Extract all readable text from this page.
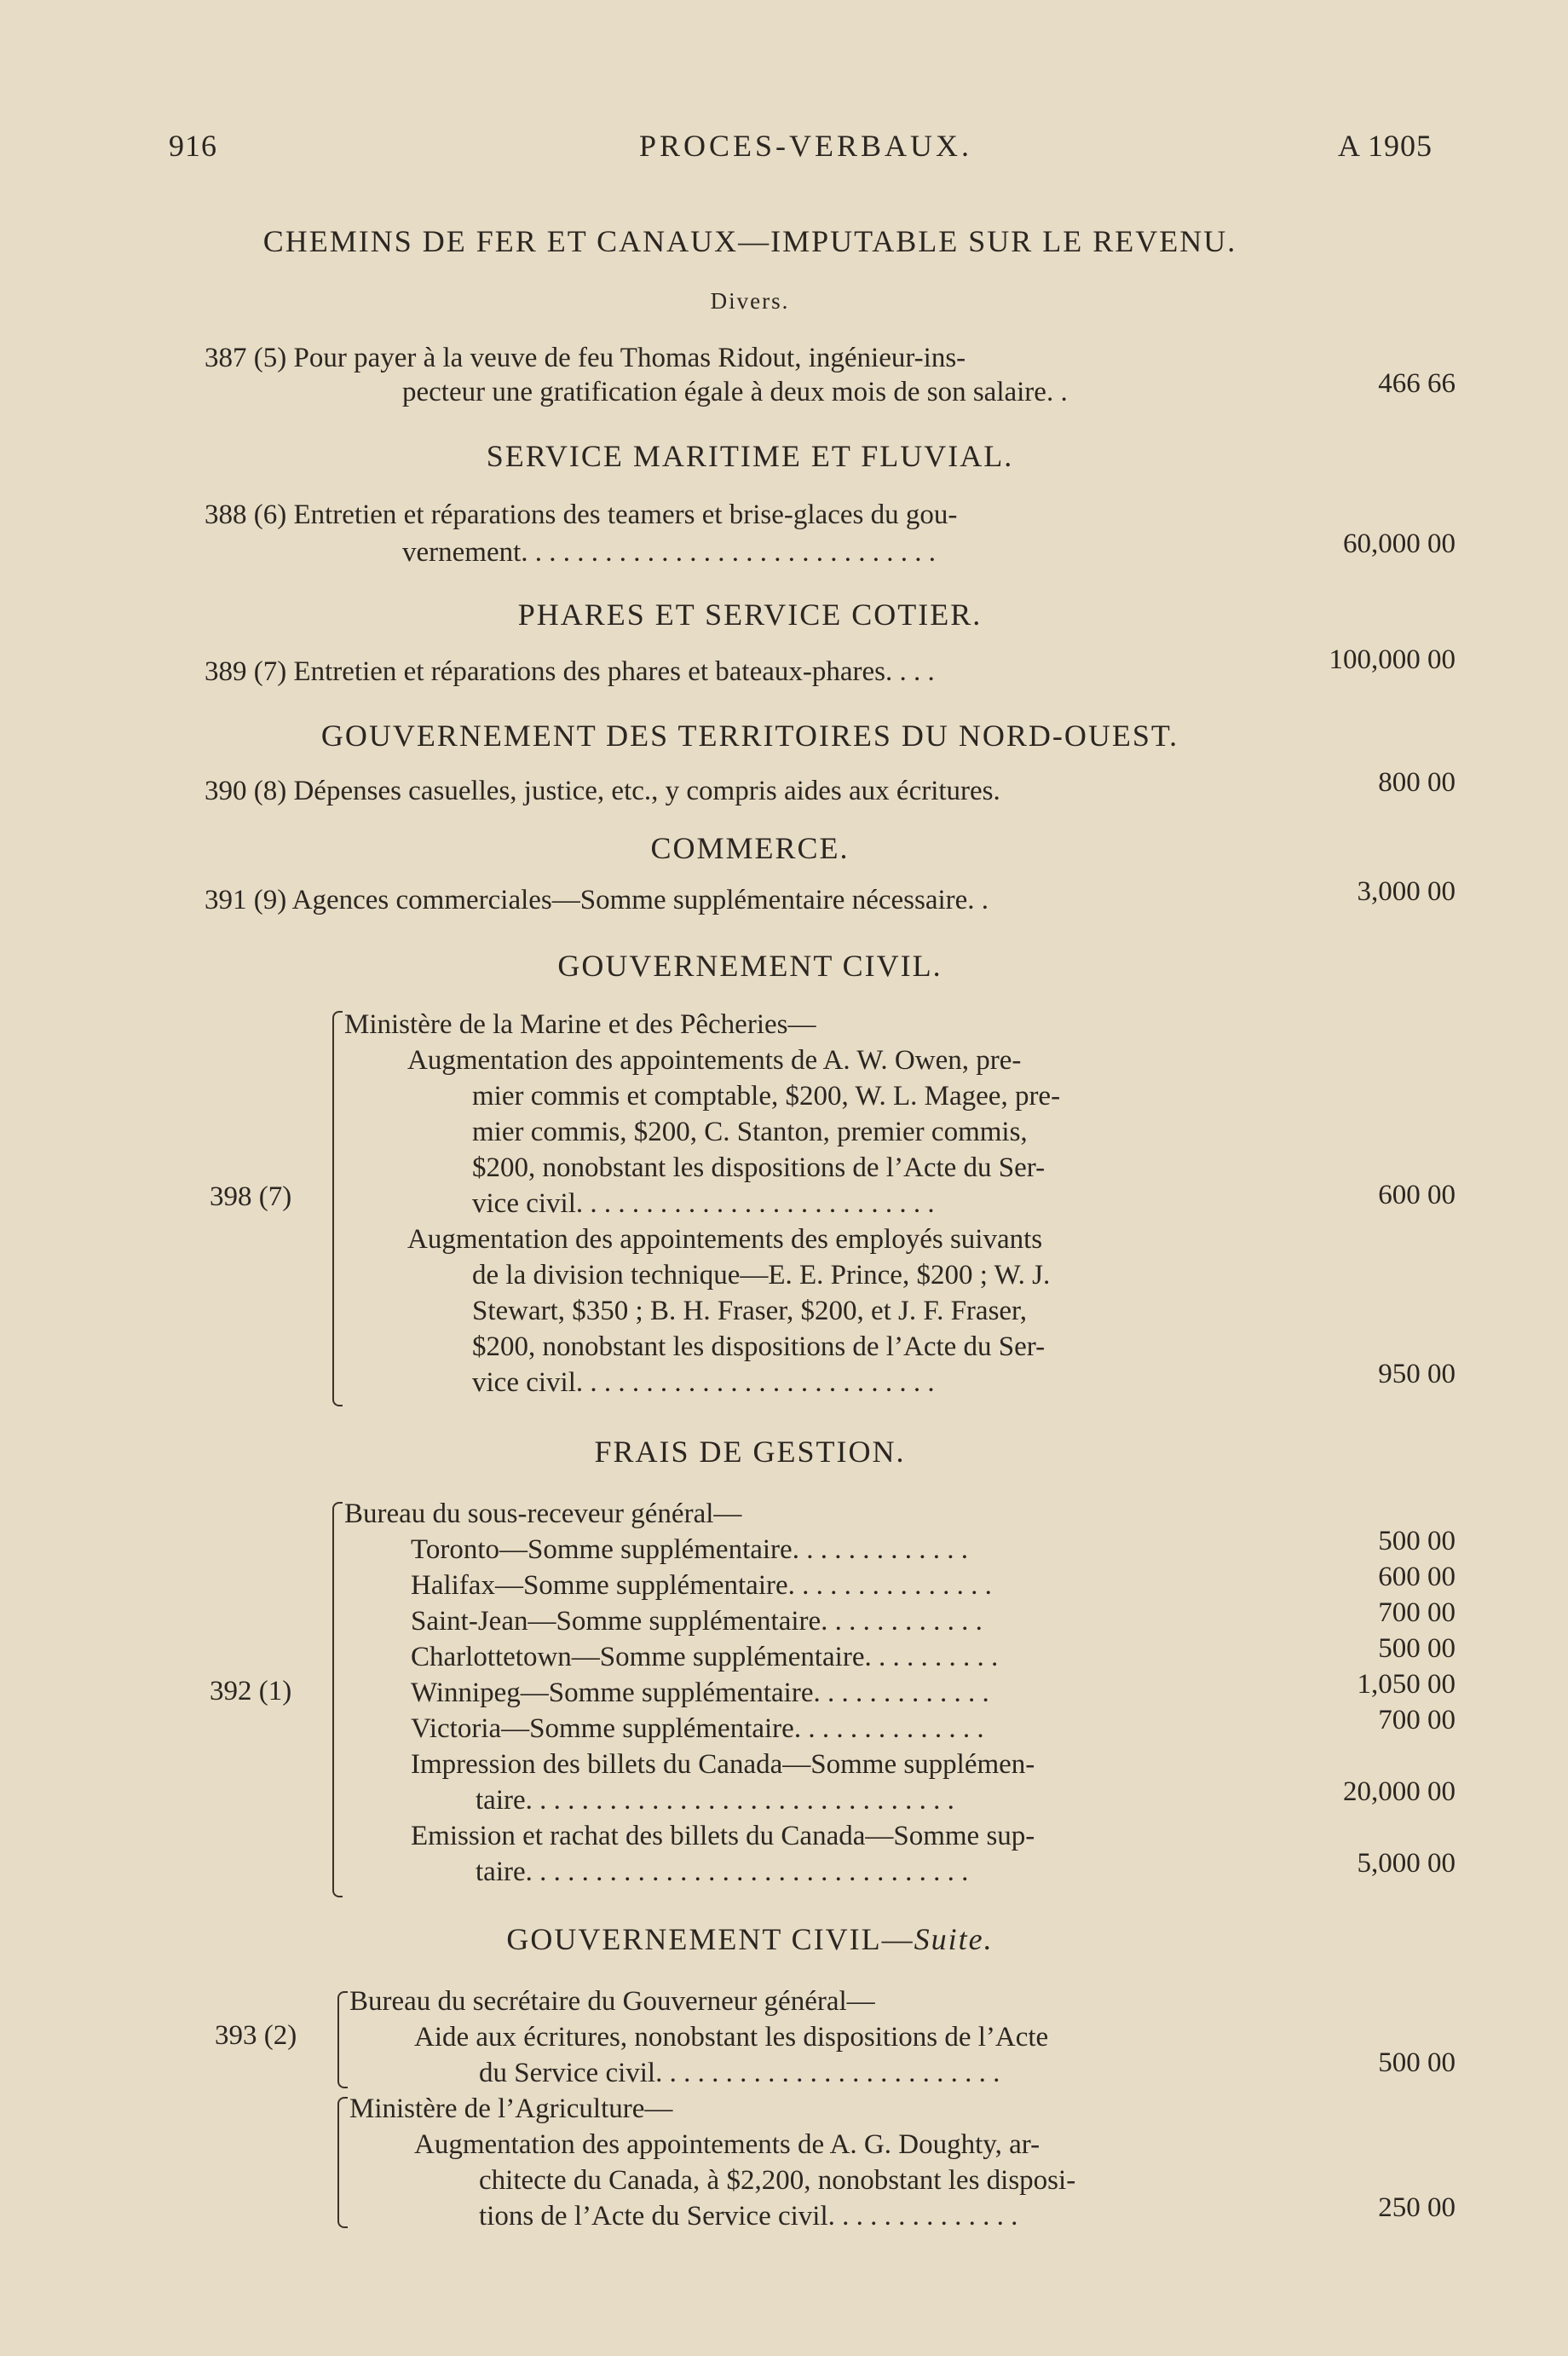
916	PROCES-VERBAUX.	A 1905
CHEMINS DE FER ET CANAUX—IMPUTABLE SUR LE REVENU.
Divers.
387 (5) Pour payer à la veuve de feu Thomas Ridout, ingénieur-ins-
pecteur une gratification égale à deux mois de son salaire. .	466 66
SERVICE MARITIME ET FLUVIAL.
388 (6) Entretien et réparations des teamers et brise-glaces du gou-
vernement. . . . . . . . . . . . . . . . . . . . . . . . . . . . . .	60,000 00
PHARES ET SERVICE COTIER.
389 (7) Entretien et réparations des phares et bateaux-phares. . . .	100,000 00
GOUVERNEMENT DES TERRITOIRES DU NORD-OUEST.
390 (8) Dépenses casuelles, justice, etc., y compris aides aux écritures.	800 00
COMMERCE.
391 (9) Agences commerciales—Somme supplémentaire nécessaire. .	3,000 00
GOUVERNEMENT CIVIL.
398 (7)
Ministère de la Marine et des Pêcheries—
Augmentation des appointements de A. W. Owen, pre-
mier commis et comptable, $200, W. L. Magee, pre-
mier commis, $200, C. Stanton, premier commis,
$200, nonobstant les dispositions de l’Acte du Ser-
vice civil. . . . . . . . . . . . . . . . . . . . . . . . . .	600 00
Augmentation des appointements des employés suivants
de la division technique—E. E. Prince, $200 ; W. J.
Stewart, $350 ; B. H. Fraser, $200, et J. F. Fraser,
$200, nonobstant les dispositions de l’Acte du Ser-
vice civil. . . . . . . . . . . . . . . . . . . . . . . . . .	950 00
FRAIS DE GESTION.
392 (1)
Bureau du sous-receveur général—
Toronto—Somme supplémentaire. . . . . . . . . . . . .	500 00
Halifax—Somme supplémentaire. . . . . . . . . . . . . . .	600 00
Saint-Jean—Somme supplémentaire. . . . . . . . . . . .	700 00
Charlottetown—Somme supplémentaire. . . . . . . . . .	500 00
Winnipeg—Somme supplémentaire. . . . . . . . . . . . .	1,050 00
Victoria—Somme supplémentaire. . . . . . . . . . . . . .	700 00
Impression des billets du Canada—Somme supplémen-
taire. . . . . . . . . . . . . . . . . . . . . . . . . . . . . . .	20,000 00
Emission et rachat des billets du Canada—Somme sup-
taire. . . . . . . . . . . . . . . . . . . . . . . . . . . . . . . .	5,000 00
GOUVERNEMENT CIVIL—Suite.
393 (2)
Bureau du secrétaire du Gouverneur général—
Aide aux écritures, nonobstant les dispositions de l’Acte
du Service civil. . . . . . . . . . . . . . . . . . . . . . . . .	500 00
Ministère de l’Agriculture—
Augmentation des appointements de A. G. Doughty, ar-
chitecte du Canada, à $2,200, nonobstant les disposi-
tions de l’Acte du Service civil. . . . . . . . . . . . . .	250 00
